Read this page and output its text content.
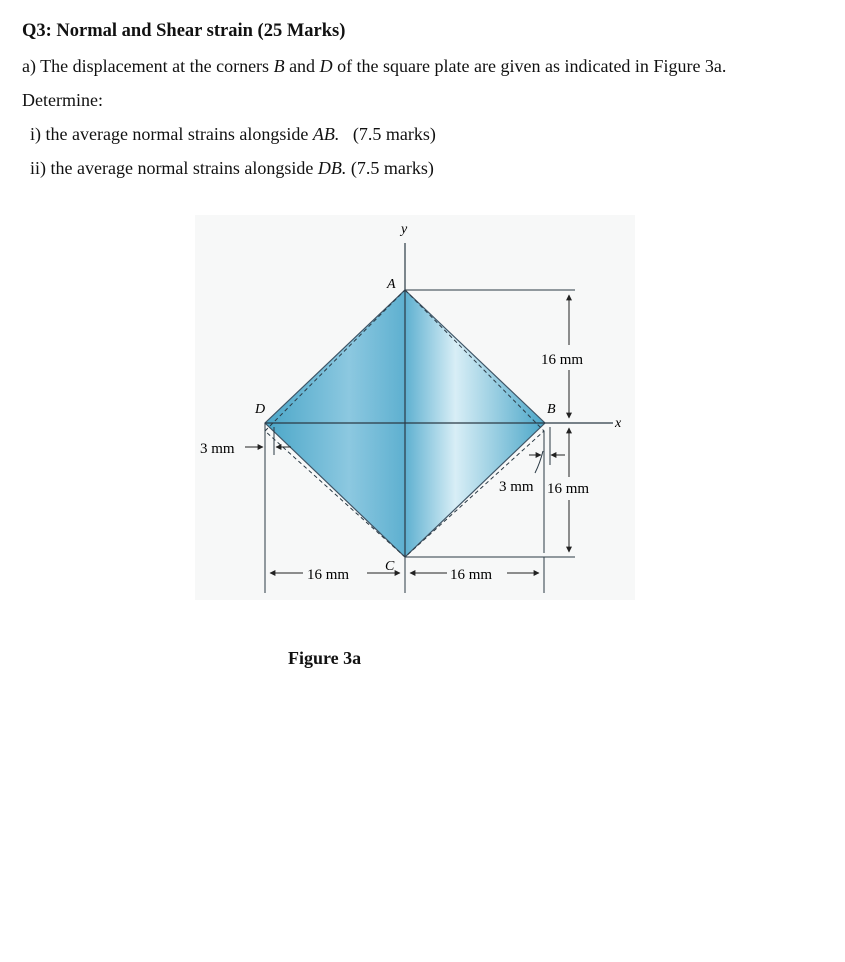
Q3: Normal and Shear strain (25 Marks)
a) The displacement at the corners B and D of the square plate are given as indicated in Figure 3a.
Determine:
i) the average normal strains alongside AB.   (7.5 marks)
ii) the average normal strains alongside DB. (7.5 marks)
y
x
A
B
C
D
16 mm
16 mm
3 mm
3 mm
16 mm	16 mm
Figure 3a
